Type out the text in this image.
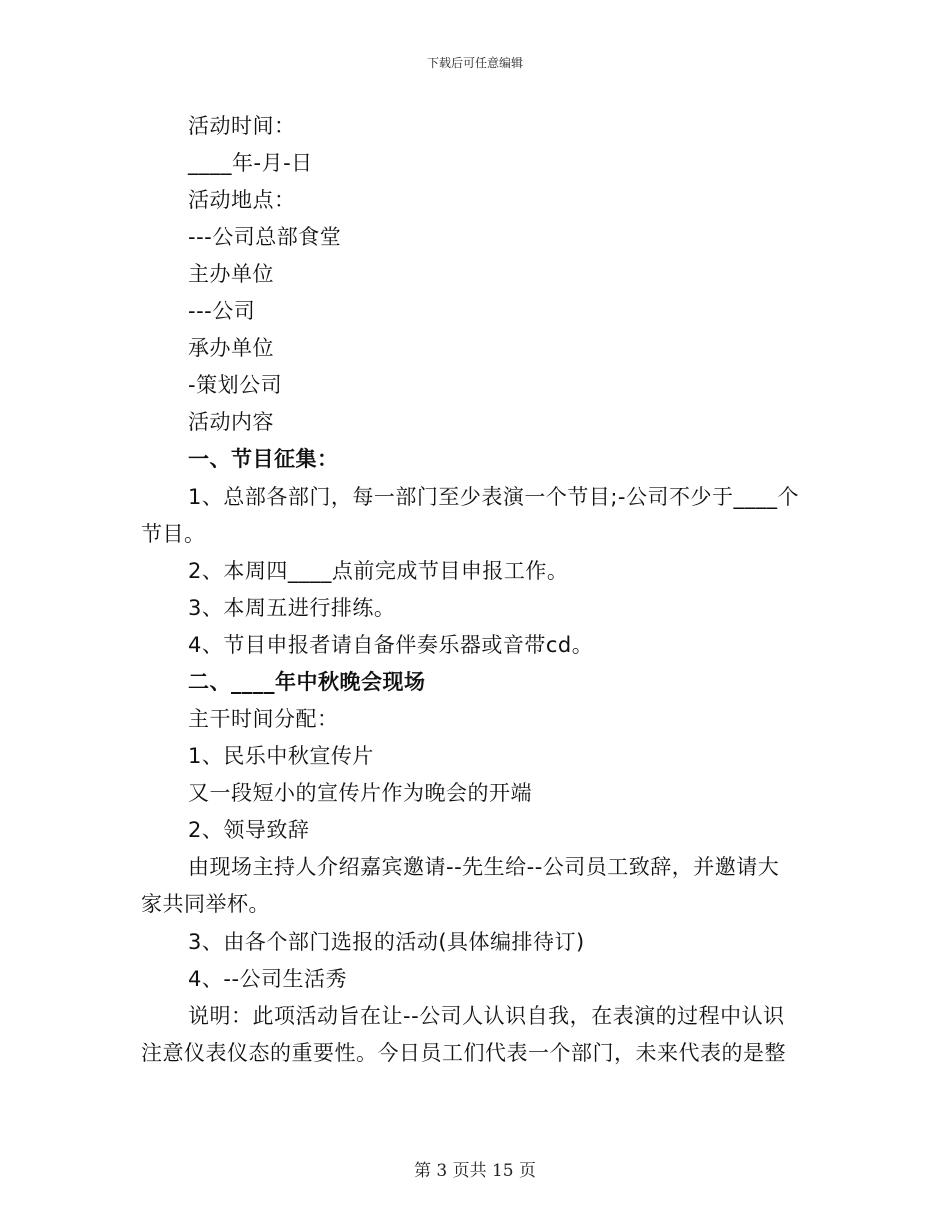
下载后可任意编辑
活动时间：
____年-月-日
活动地点：
---公司总部食堂
主办单位
---公司
承办单位
-策划公司
活动内容
一、节目征集：
1、总部各部门，每一部门至少表演一个节目;-公司不少于____个
节目。
2、本周四____点前完成节目申报工作。
3、本周五进行排练。
4、节目申报者请自备伴奏乐器或音带cd。
二、____年中秋晚会现场
主干时间分配：
1、民乐中秋宣传片
又一段短小的宣传片作为晚会的开端
2、领导致辞
由现场主持人介绍嘉宾邀请--先生给--公司员工致辞，并邀请大
家共同举杯。
3、由各个部门选报的活动(具体编排待订)
4、--公司生活秀
说明：此项活动旨在让--公司人认识自我，在表演的过程中认识
注意仪表仪态的重要性。今日员工们代表一个部门，未来代表的是整
第 3 页共 15 页
